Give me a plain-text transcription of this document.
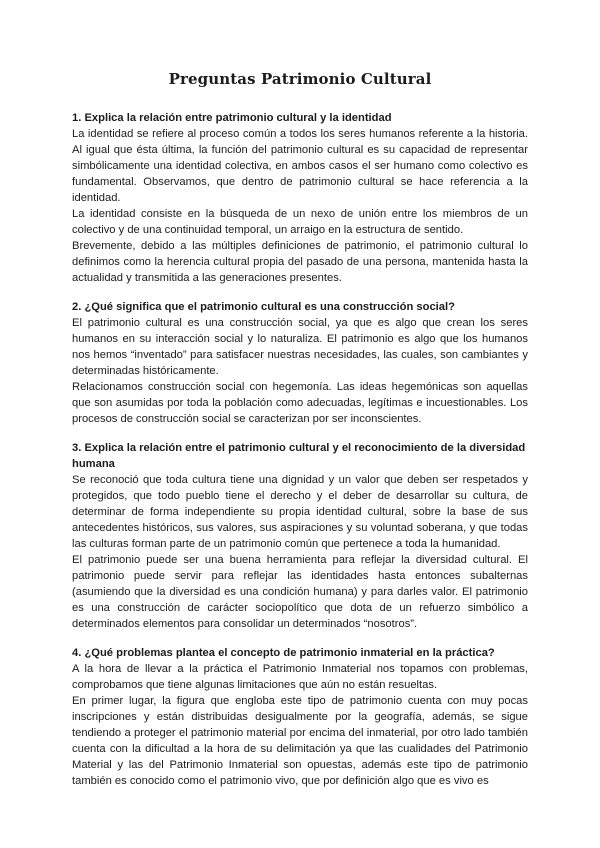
Preguntas Patrimonio Cultural

1. Explica la relación entre patrimonio cultural y la identidad

La identidad se refiere al proceso común a todos los seres humanos referente a la historia. Al igual que ésta última, la función del patrimonio cultural es su capacidad de representar simbólicamente una identidad colectiva, en ambos casos el ser humano como colectivo es fundamental. Observamos, que dentro de patrimonio cultural se hace referencia a la identidad.

La identidad consiste en la búsqueda de un nexo de unión entre los miembros de un colectivo y de una continuidad temporal, un arraigo en la estructura de sentido.

Brevemente, debido a las múltiples definiciones de patrimonio, el patrimonio cultural lo definimos como la herencia cultural propia del pasado de una persona, mantenida hasta la actualidad y transmitida a las generaciones presentes.

2. ¿Qué significa que el patrimonio cultural es una construcción social?

El patrimonio cultural es una construcción social, ya que es algo que crean los seres humanos en su interacción social y lo naturaliza. El patrimonio es algo que los humanos nos hemos “inventado” para satisfacer nuestras necesidades, las cuales, son cambiantes y determinadas históricamente.

Relacionamos construcción social con hegemonía. Las ideas hegemónicas son aquellas que son asumidas por toda la población como adecuadas, legítimas e incuestionables. Los procesos de construcción social se caracterizan por ser inconscientes.

3. Explica la relación entre el patrimonio cultural y el reconocimiento de la diversidad humana

Se reconoció que toda cultura tiene una dignidad y un valor que deben ser respetados y protegidos, que todo pueblo tiene el derecho y el deber de desarrollar su cultura, de determinar de forma independiente su propia identidad cultural, sobre la base de sus antecedentes históricos, sus valores, sus aspiraciones y su voluntad soberana, y que todas las culturas forman parte de un patrimonio común que pertenece a toda la humanidad.

El patrimonio puede ser una buena herramienta para reflejar la diversidad cultural. El patrimonio puede servir para reflejar las identidades hasta entonces subalternas (asumiendo que la diversidad es una condición humana) y para darles valor. El patrimonio es una construcción de carácter sociopolítico que dota de un refuerzo simbólico a determinados elementos para consolidar un determinados “nosotros”.

4. ¿Qué problemas plantea el concepto de patrimonio inmaterial en la práctica?

A la hora de llevar a la práctica el Patrimonio Inmaterial nos topamos con problemas, comprobamos que tiene algunas limitaciones que aún no están resueltas.

En primer lugar, la figura que engloba este tipo de patrimonio cuenta con muy pocas inscripciones y están distribuidas desigualmente por la geografía, además, se sigue tendiendo a proteger el patrimonio material por encima del inmaterial, por otro lado también cuenta con la dificultad a la hora de su delimitación ya que las cualidades del Patrimonio Material y las del Patrimonio Inmaterial son opuestas, además este tipo de patrimonio también es conocido como el patrimonio vivo, que por definición algo que es vivo es
